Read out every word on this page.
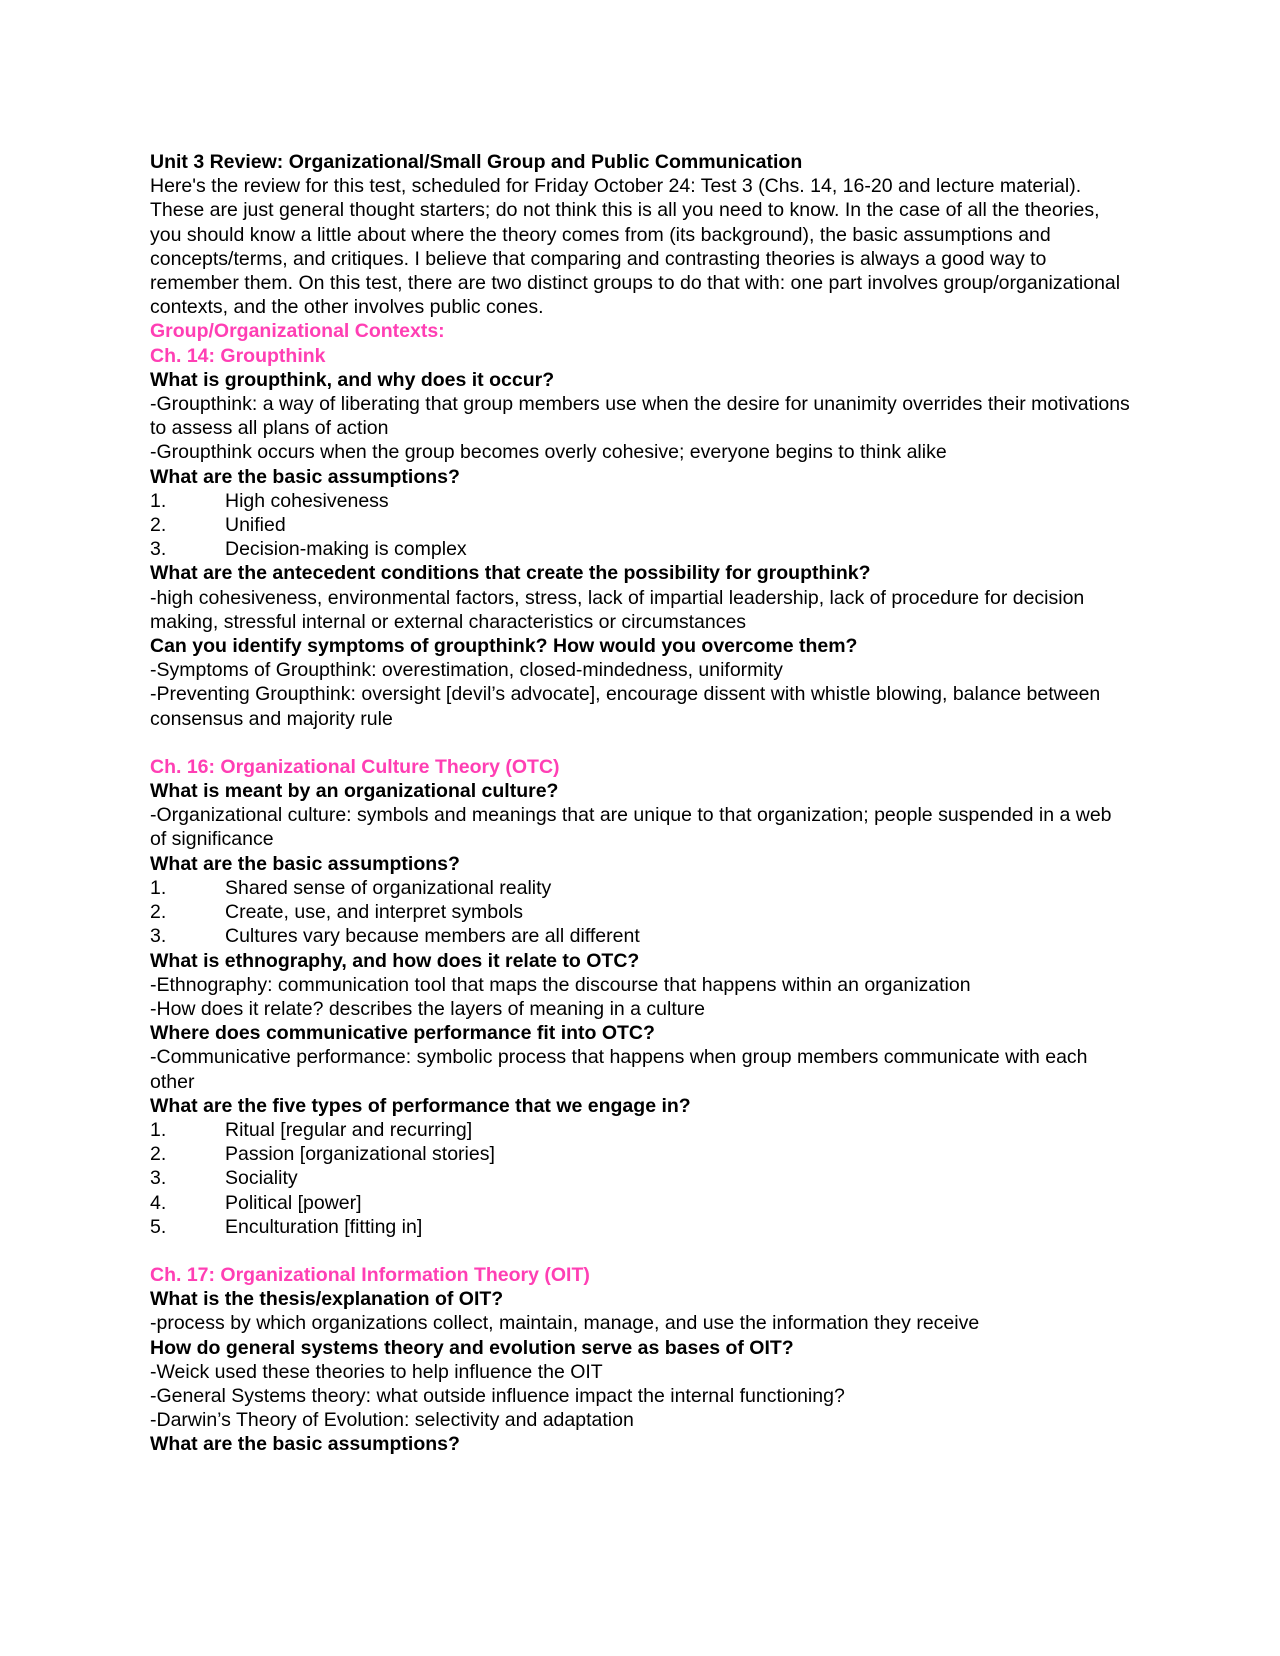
Unit 3 Review: Organizational/Small Group and Public Communication

Here's the review for this test, scheduled for Friday October 24: Test 3 (Chs. 14, 16-20 and lecture material). These are just general thought starters; do not think this is all you need to know. In the case of all the theories, you should know a little about where the theory comes from (its background), the basic assumptions and concepts/terms, and critiques. I believe that comparing and contrasting theories is always a good way to remember them. On this test, there are two distinct groups to do that with: one part involves group/organizational contexts, and the other involves public cones.

Group/Organizational Contexts:

Ch. 14: Groupthink

What is groupthink, and why does it occur?

-Groupthink: a way of liberating that group members use when the desire for unanimity overrides their motivations to assess all plans of action

-Groupthink occurs when the group becomes overly cohesive; everyone begins to think alike

What are the basic assumptions?

1.	High cohesiveness
2.	Unified
3.	Decision-making is complex

What are the antecedent conditions that create the possibility for groupthink?

-high cohesiveness, environmental factors, stress, lack of impartial leadership, lack of procedure for decision making, stressful internal or external characteristics or circumstances

Can you identify symptoms of groupthink? How would you overcome them?

-Symptoms of Groupthink: overestimation, closed-mindedness, uniformity

-Preventing Groupthink: oversight [devil’s advocate], encourage dissent with whistle blowing, balance between consensus and majority rule

Ch. 16: Organizational Culture Theory (OTC)

What is meant by an organizational culture?

-Organizational culture: symbols and meanings that are unique to that organization; people suspended in a web of significance

What are the basic assumptions?

1.	Shared sense of organizational reality
2.	Create, use, and interpret symbols
3.	Cultures vary because members are all different

What is ethnography, and how does it relate to OTC?

-Ethnography: communication tool that maps the discourse that happens within an organization

-How does it relate? describes the layers of meaning in a culture

Where does communicative performance fit into OTC?

-Communicative performance: symbolic process that happens when group members communicate with each other

What are the five types of performance that we engage in?

1.	Ritual [regular and recurring]
2.	Passion [organizational stories]
3.	Sociality
4.	Political [power]
5.	Enculturation [fitting in]

Ch. 17: Organizational Information Theory (OIT)

What is the thesis/explanation of OIT?

-process by which organizations collect, maintain, manage, and use the information they receive

How do general systems theory and evolution serve as bases of OIT?

-Weick used these theories to help influence the OIT

-General Systems theory: what outside influence impact the internal functioning?

-Darwin’s Theory of Evolution: selectivity and adaptation

What are the basic assumptions?
